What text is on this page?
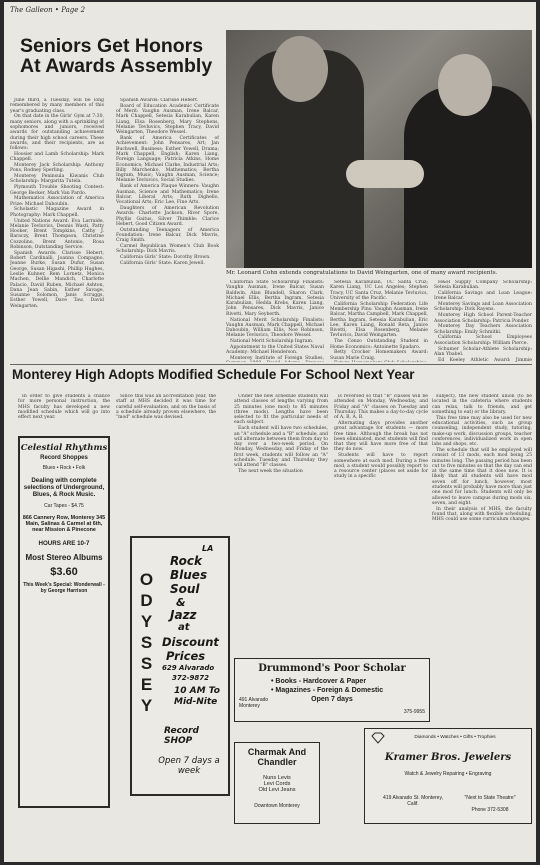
The Galleon • Page 2
Seniors Get Honors At Awards Assembly
Mr. Leonard Cohn extends congratulations to David Weingarten, one of many award recipients.

June third, a Tuesday, will be long remembered by many members of this year's graduating class.

On that date in the Girls' Gym at 7:30, many seniors, along with a sprinkling of sophomores and juniors, received awards for outstanding achievement during their high school careers. These awards, and their recipients, are as follows:

Hoosier and Lamb Scholarship: Mark Chappell.

Monterey Jack Scholarship: Anthony Pons, Rodney Sperling.

Monterey Peninsula Kiwanis Club Scholarship: Margarita Tutela.

Plymouth Trouble Shooting Contest: George Becker, Mark Van Pardo.

Mathematics Association of America Prize: Michael Daboubin.

Scholastic Magazine Award in Photography: Mark Chappell.

United Nations Award: Eva Larraide, Melanie Tevluvics, Dennis Wasti, Patty Hooker, Brent Tompkins, Cathy J. Baraczy, Brent Thompson, Christine Cozzolino, Brent Antonio, Rosa Robinson, Outstanding Service.

Spanish Awards: Clarisse Hebert, Robert Cardinalli, Joanna Compagno, Jeanne Burke, Susan Dufur, Susan George, Susan Higashi, Phillip Hughes, Leslie Kuhner, Rem Lornetz, Monica Machen, Dellie Mandich, Charlotte Palacio, David Ruben, Michael Ashton, Dana Jean Sabin, Esther Savage, Susanne Solomon, Janis Scruggs, Esther Yowell, Dave Taw, David Weingarten.

Spanish Awards: Clarisse Hebert.

Board of Education Academic Certificate of Merit: Vaughn Ausman, Irene Balcar, Mark Chappell, Setesia Karabulian, Karen Liang, Elsa Rosenberg, Mary Stephens, Melanie Tevluvics, Stephen Tracy, David Weingarten, Theodore Wessel.

Bank of America Certificates of Achievement: John Pensares, Art; Jan Buchwell, Business; Esther Yowell, Drama; Mark Chappell, English; Karen Liang, Foreign Language; Patricia Atkins, Home Economics; Michael Clarke, Industrial Arts; Billy Marchenko, Mathematics; Bertha Ingram, Music; Vaughn Ausman, Science; Melanie Tevluvics, Social Studies.

Bank of America Plaque Winners: Vaughn Ausman, Science and Mathematics; Irene Balcar, Liberal Arts; Ruth Dighello, Vocational Arts; Eric Lee, Fine Arts.

Daughters of American Revolution Awards: Charlotte Jackson, River Spore, Phyllis Gaitus, Silver Thimble: Clarice Hebert, Good Citizen Award.

Outstanding Teenagers of America Foundation: Irene Balcar, Dick Mavris, Craig Smith.

Carmel Republican Women's Club Book Scholarship: Dick Mavris.

California Girls' State: Dorothy Brown.

California Girls' State: Karen Jewell.

California State Scholarship Finalists: Vaughn Ausman, Irene Balcar, Susan Baldwin, Alan Blundell, Sharon Clark, Michael Ellis, Bertha Ingram, Setesia Karabulian, Hedda Krebs, Karen Liang, John Pensares, Dick Mavris, Janice Rivetti, Mary Seyberth.

National Merit Scholarship Finalists: Vaughn Ausman, Mark Chappell, Michael Daboubin, William Ellis, Noe Robinson, Melanie Tevluvics, Theodore Wessel.

National Merit Scholarship Ingram.

Appointment to the United States Naval Academy: Michael Henderson.

Monterey Institute of Foreign Studies,

Setesia Karabulian, UC Santa Cruz; Karen Liang, UC Los Angeles; Stephen Tracy, UC Santa Cruz, Melanie Tevluvics, University of the Pacific.

California Scholarship Federation Life Membership Pins: Vaughn Ausman, Irene Balcar, Martha Campbell, Mark Chappell, Bertha Ingram, Setesia Karabulian, Eric Lee, Karen Liang, Ronald Reta, Janice Rivetti, Elsa Rosenberg, Melanie Tevluvics, David Weingarten.

The Cenzo Outstanding Student in Home Economics: Antoinette Spadaro.

Betty Crocker Homemakers Award: Susan Marie Craig.

H&H Supply Company Scholarship: Setesia Karabulian.

California Savings and Loan League: Irene Balcar.

Monterey Savings and Loan Association Scholarship: Dick Rayens.

Monterey High School Parent-Teacher Association Scholarship: Patricia Ponder.

Monterey Day Teachers Association Scholarship: Emily Schmitki.

California School Employees Association Scholarship: William Pierce.

Schumer Scholar-Athlete Scholarship: Alan Ybabel.

Ed Keeley Athletic Award: Jimmie

Monterey High Adopts Modified Schedule For School Next Year

In order to give students a chance for more personal instruction, the MHS faculty has developed a new modified schedule which will go into effect next year.

Since this was an accreditation year, the staff at MHS decided it was time for careful self-evaluation, and on the basis of a schedule already proven elsewhere, the "mod" schedule was devised.

Under the new schedule students will attend classes of lengths varying from 25 minutes (one mod) to 85 minutes (three mods). Lengths have been selected to fit the particular needs of each subject.

Each student will have two schedules, an "A" schedule and a "B" schedule, and will alternate between them from day to day over a two-week period. On Monday, Wednesday, and Friday of the first week, students will follow an "A" schedule. Tuesday and Thursday they will attend "B" classes.

The next week the situation

is reversed so that "B" classes will be attended on Monday, Wednesday, and Friday and "A" classes on Tuesday and Thursday. This makes a day-to-day cycle of A, B, A, B.

Alternating days provides another great advantage for students — more free time. Although the break has not been eliminated, most students will find that they will have more free of that they do now.

Students will have to report somewhere at each mod. During a free mod, a student would possibly report to a resource center (places set aside for study in a specific

subject), the new student union (to be located in the cafeteria where students can relax, talk to friends, and get something to eat) or the library.

This free time may also be used for new educational activities, such as group counseling, independent study, tutoring, make-up work, discussion groups, teacher conferences, individualized work in open labs and shops, etc.

The schedule that will be employed will consist of 13 mods, each mod being 25 minutes long. The passing period has been cut to five minutes so that the day can end at the same time that it does now. It is likely that all students will have mod seven off for lunch, however, most students will probably have more than just one mod for lunch. Students will only be allowed to leave campus during mods six, seven, and eight.

In their analysis of MHS, the faculty found that, along with flexible scheduling, MHS could use some curriculum changes.

Celestial Rhythms
Record Shoppes
Blues • Rock • Folk
Dealing with complete selections of Underground, Blues, & Rock Music.
Car Tapes - $4.75
866 Cannery Row, Monterey 345 Main, Salinas & Carmel at 6th, near Mission & Pinecone
HOURS ARE 10-7
Most Stereo Albums
$3.60
This Week's Special: Wonderwall - by George Harrison	ODYSSEY
LA
Rock
Blues
Soul
&
Jazz
at
Discount
Prices
629 Alvarado
372-9872
10 AM To Mid-Nite
Record SHOP
Open 7 days a week
Drummond's Poor Scholar
• Books - Hardcover & Paper
• Magazines - Foreign & Domestic
Open 7 days
491 Alvarado Monterey
375-9955
Charmak And Chandler
Nuns Levis
Levi Cords
Old Levi Jeans
Downtown Monterey
Diamonds • Watches • Gifts • Trophies
Kramer Bros. Jewelers
Watch & Jewelry Repairing • Engraving
419 Alvarado St. Monterey, Calif.
"Next to State Theatre"
Phone 372-5308
